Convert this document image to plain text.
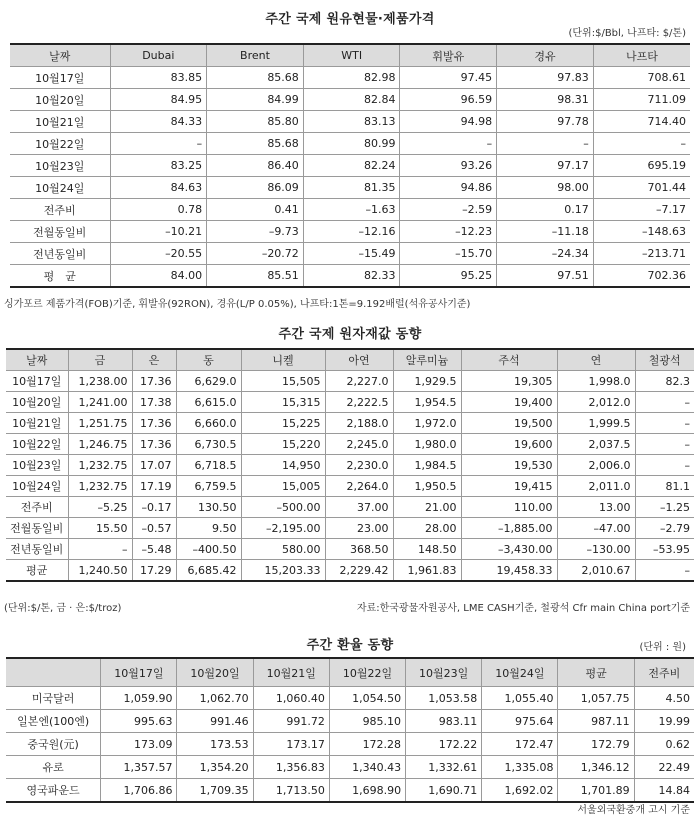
주간 국제 원유현물·제품가격
(단위:$/Bbl, 나프타: $/톤)
날짜	Dubai	Brent	WTI	휘발유	경유	나프타
10월17일	83.85	85.68	82.98	97.45	97.83	708.61
10월20일	84.95	84.99	82.84	96.59	98.31	711.09
10월21일	84.33	85.80	83.13	94.98	97.78	714.40
10월22일	–	85.68	80.99	–	–	–
10월23일	83.25	86.40	82.24	93.26	97.17	695.19
10월24일	84.63	86.09	81.35	94.86	98.00	701.44
전주비	0.78	0.41	–1.63	–2.59	0.17	–7.17
전월동일비	–10.21	–9.73	–12.16	–12.23	–11.18	–148.63
전년동일비	–20.55	–20.72	–15.49	–15.70	–24.34	–213.71
평　균	84.00	85.51	82.33	95.25	97.51	702.36
싱가포르 제품가격(FOB)기준, 휘발유(92RON), 경유(L/P 0.05%), 나프타:1톤=9.192배럴(석유공사기준)
주간 국제 원자재값 동향
날짜	금	은	동	니켈	아연	알루미늄	주석	연	철광석
10월17일	1,238.00	17.36	6,629.0	15,505	2,227.0	1,929.5	19,305	1,998.0	82.3
10월20일	1,241.00	17.38	6,615.0	15,315	2,222.5	1,954.5	19,400	2,012.0	–
10월21일	1,251.75	17.36	6,660.0	15,225	2,188.0	1,972.0	19,500	1,999.5	–
10월22일	1,246.75	17.36	6,730.5	15,220	2,245.0	1,980.0	19,600	2,037.5	–
10월23일	1,232.75	17.07	6,718.5	14,950	2,230.0	1,984.5	19,530	2,006.0	–
10월24일	1,232.75	17.19	6,759.5	15,005	2,264.0	1,950.5	19,415	2,011.0	81.1
전주비	–5.25	–0.17	130.50	–500.00	37.00	21.00	110.00	13.00	–1.25
전월동일비	15.50	–0.57	9.50	–2,195.00	23.00	28.00	–1,885.00	–47.00	–2.79
전년동일비	–	–5.48	–400.50	580.00	368.50	148.50	–3,430.00	–130.00	–53.95
평균	1,240.50	17.29	6,685.42	15,203.33	2,229.42	1,961.83	19,458.33	2,010.67	–
(단위:$/톤, 금 · 은:$/troz)	자료:한국광물자원공사, LME CASH기준, 철광석 Cfr main China port기준
주간 환율 동향	(단위 : 원)
	10월17일	10월20일	10월21일	10월22일	10월23일	10월24일	평균	전주비
미국달러	1,059.90	1,062.70	1,060.40	1,054.50	1,053.58	1,055.40	1,057.75	4.50
일본엔(100엔)	995.63	991.46	991.72	985.10	983.11	975.64	987.11	19.99
중국원(元)	173.09	173.53	173.17	172.28	172.22	172.47	172.79	0.62
유로	1,357.57	1,354.20	1,356.83	1,340.43	1,332.61	1,335.08	1,346.12	22.49
영국파운드	1,706.86	1,709.35	1,713.50	1,698.90	1,690.71	1,692.02	1,701.89	14.84
서울외국환중개 고시 기준
